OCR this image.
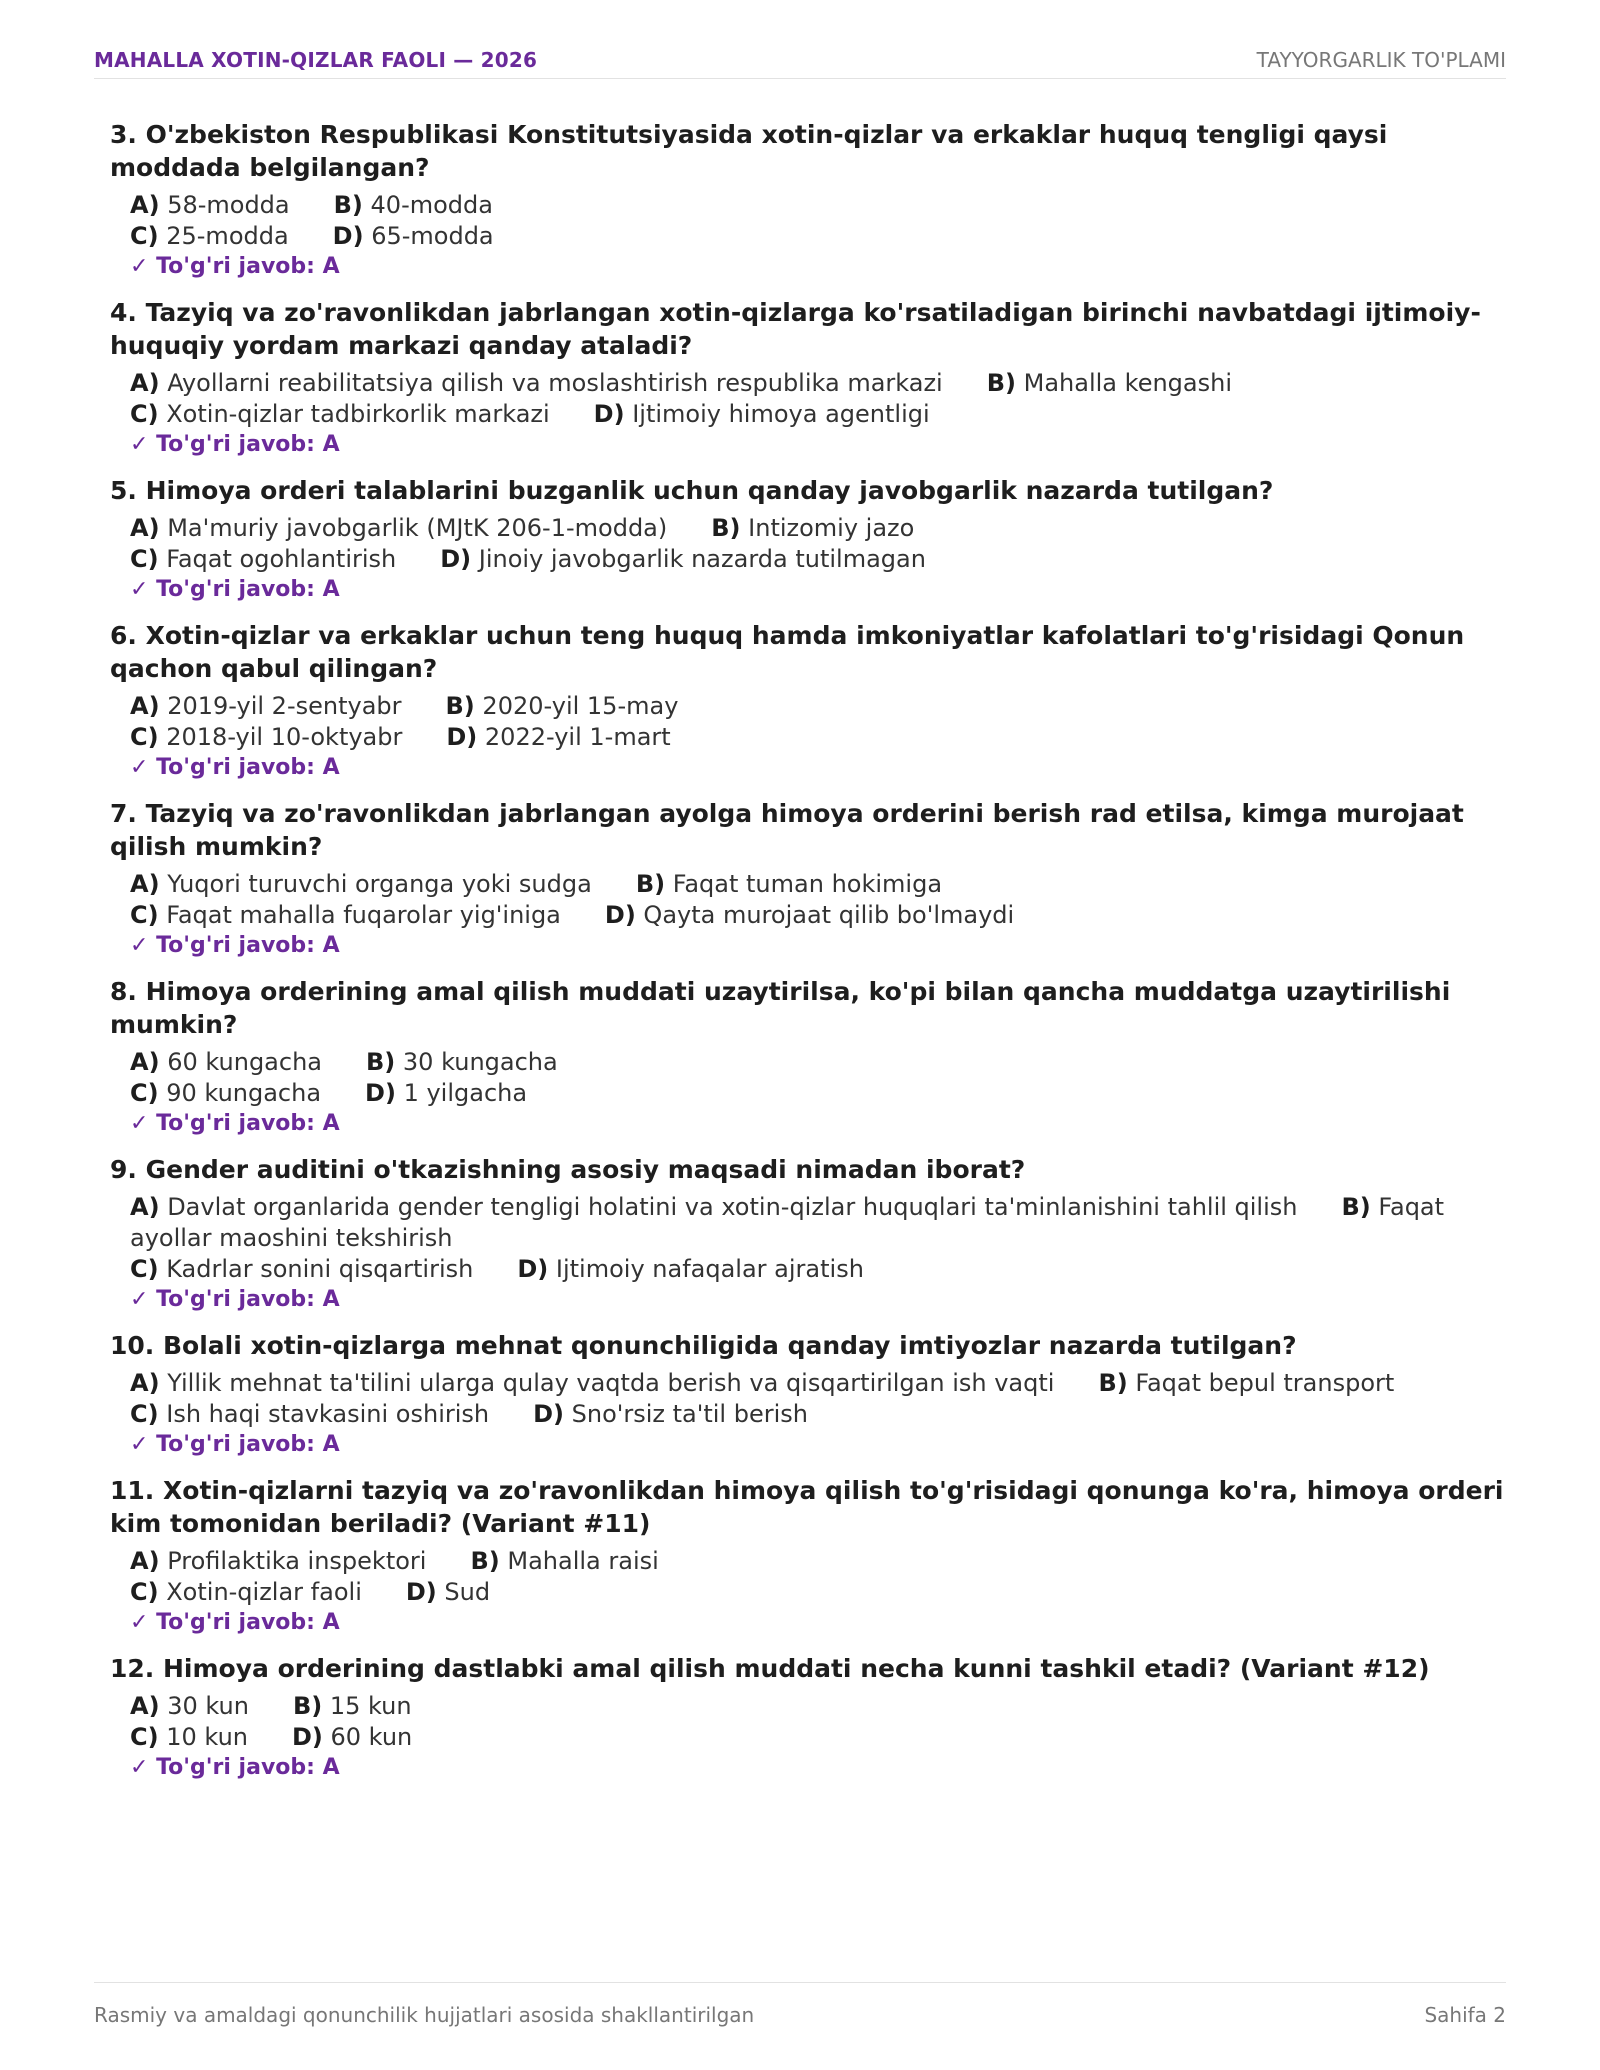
MAHALLA XOTIN-QIZLAR FAOLI — 2026	TAYYORGARLIK TO'PLAMI
3. O'zbekiston Respublikasi Konstitutsiyasida xotin-qizlar va erkaklar huquq tengligi qaysi moddada belgilangan?
A) 58-modda B) 40-modda
C) 25-modda D) 65-modda
✓ To'g'ri javob: A
4. Tazyiq va zo'ravonlikdan jabrlangan xotin-qizlarga ko'rsatiladigan birinchi navbatdagi ijtimoiy-huquqiy yordam markazi qanday ataladi?
A) Ayollarni reabilitatsiya qilish va moslashtirish respublika markazi B) Mahalla kengashi
C) Xotin-qizlar tadbirkorlik markazi D) Ijtimoiy himoya agentligi
✓ To'g'ri javob: A
5. Himoya orderi talablarini buzganlik uchun qanday javobgarlik nazarda tutilgan?
A) Ma'muriy javobgarlik (MJtK 206-1-modda) B) Intizomiy jazo
C) Faqat ogohlantirish D) Jinoiy javobgarlik nazarda tutilmagan
✓ To'g'ri javob: A
6. Xotin-qizlar va erkaklar uchun teng huquq hamda imkoniyatlar kafolatlari to'g'risidagi Qonun qachon qabul qilingan?
A) 2019-yil 2-sentyabr B) 2020-yil 15-may
C) 2018-yil 10-oktyabr D) 2022-yil 1-mart
✓ To'g'ri javob: A
7. Tazyiq va zo'ravonlikdan jabrlangan ayolga himoya orderini berish rad etilsa, kimga murojaat qilish mumkin?
A) Yuqori turuvchi organga yoki sudga B) Faqat tuman hokimiga
C) Faqat mahalla fuqarolar yig'iniga D) Qayta murojaat qilib bo'lmaydi
✓ To'g'ri javob: A
8. Himoya orderining amal qilish muddati uzaytirilsa, ko'pi bilan qancha muddatga uzaytirilishi mumkin?
A) 60 kungacha B) 30 kungacha
C) 90 kungacha D) 1 yilgacha
✓ To'g'ri javob: A
9. Gender auditini o'tkazishning asosiy maqsadi nimadan iborat?
A) Davlat organlarida gender tengligi holatini va xotin-qizlar huquqlari ta'minlanishini tahlil qilish B) Faqat ayollar maoshini tekshirish
C) Kadrlar sonini qisqartirish D) Ijtimoiy nafaqalar ajratish
✓ To'g'ri javob: A
10. Bolali xotin-qizlarga mehnat qonunchiligida qanday imtiyozlar nazarda tutilgan?
A) Yillik mehnat ta'tilini ularga qulay vaqtda berish va qisqartirilgan ish vaqti B) Faqat bepul transport
C) Ish haqi stavkasini oshirish D) Sno'rsiz ta'til berish
✓ To'g'ri javob: A
11. Xotin-qizlarni tazyiq va zo'ravonlikdan himoya qilish to'g'risidagi qonunga ko'ra, himoya orderi kim tomonidan beriladi? (Variant #11)
A) Profilaktika inspektori B) Mahalla raisi
C) Xotin-qizlar faoli D) Sud
✓ To'g'ri javob: A
12. Himoya orderining dastlabki amal qilish muddati necha kunni tashkil etadi? (Variant #12)
A) 30 kun B) 15 kun
C) 10 kun D) 60 kun
✓ To'g'ri javob: A
Rasmiy va amaldagi qonunchilik hujjatlari asosida shakllantirilgan	Sahifa 2
